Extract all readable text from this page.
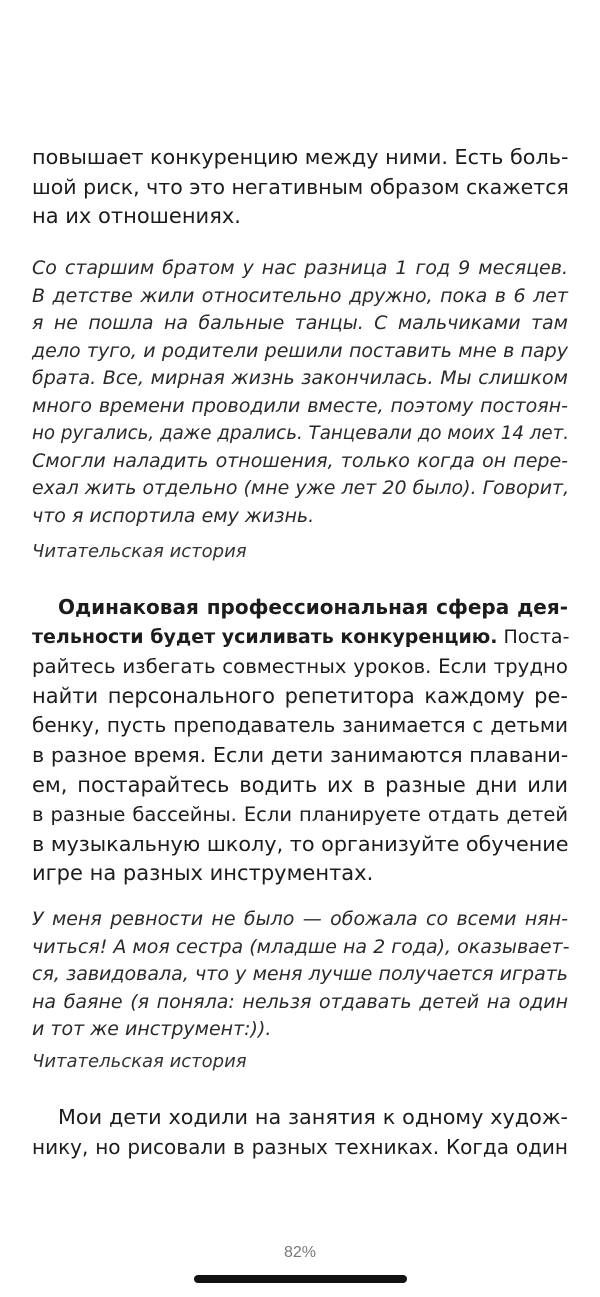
повышает конкуренцию между ними. Есть боль-
шой риск, что это негативным образом скажется
на их отношениях.
Со старшим братом у нас разница 1 год 9 месяцев.
В детстве жили относительно дружно, пока в 6 лет
я не пошла на бальные танцы. С мальчиками там
дело туго, и родители решили поставить мне в пару
брата. Все, мирная жизнь закончилась. Мы слишком
много времени проводили вместе, поэтому постоян-
но ругались, даже дрались. Танцевали до моих 14 лет.
Смогли наладить отношения, только когда он пере-
ехал жить отдельно (мне уже лет 20 было). Говорит,
что я испортила ему жизнь.
Читательская история
Одинаковая профессиональная сфера дея-
тельности будет усиливать конкуренцию. Поста-
райтесь избегать совместных уроков. Если трудно
найти персонального репетитора каждому ре-
бенку, пусть преподаватель занимается с детьми
в разное время. Если дети занимаются плавани-
ем, постарайтесь водить их в разные дни или
в разные бассейны. Если планируете отдать детей
в музыкальную школу, то организуйте обучение
игре на разных инструментах.
У меня ревности не было — обожала со всеми нян-
читься! А моя сестра (младше на 2 года), оказывает-
ся, завидовала, что у меня лучше получается играть
на баяне (я поняла: нельзя отдавать детей на один
и тот же инструмент:)).
Читательская история
Мои дети ходили на занятия к одному худож-
нику, но рисовали в разных техниках. Когда один
82%
